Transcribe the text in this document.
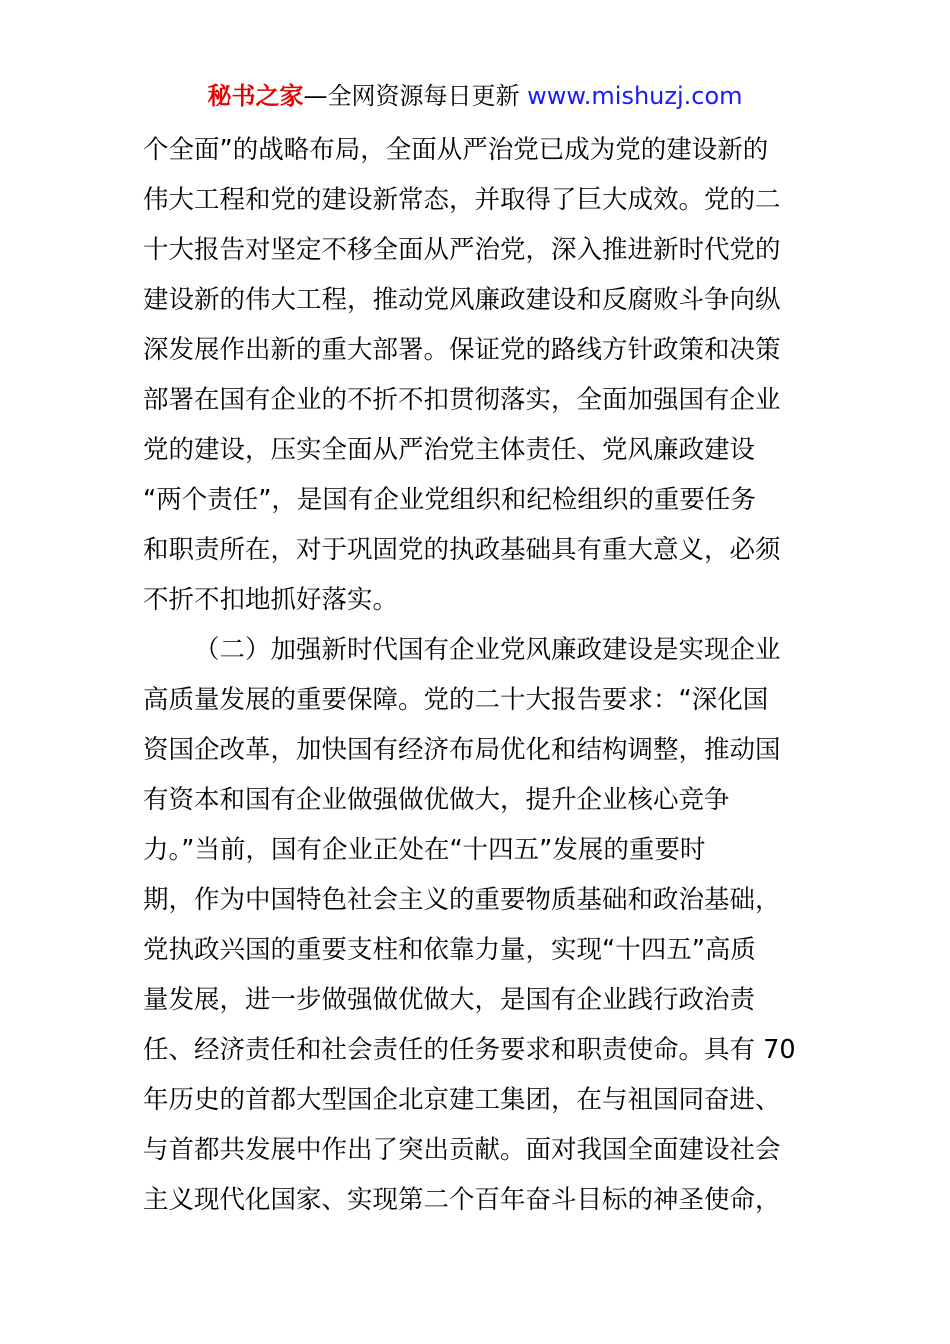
秘书之家—全网资源每日更新 www.mishuzj.com
个全面”的战略布局，全面从严治党已成为党的建设新的
伟大工程和党的建设新常态，并取得了巨大成效。党的二
十大报告对坚定不移全面从严治党，深入推进新时代党的
建设新的伟大工程，推动党风廉政建设和反腐败斗争向纵
深发展作出新的重大部署。保证党的路线方针政策和决策
部署在国有企业的不折不扣贯彻落实，全面加强国有企业
党的建设，压实全面从严治党主体责任、党风廉政建设
“两个责任”，是国有企业党组织和纪检组织的重要任务
和职责所在，对于巩固党的执政基础具有重大意义，必须
不折不扣地抓好落实。
（二）加强新时代国有企业党风廉政建设是实现企业
高质量发展的重要保障。党的二十大报告要求：“深化国
资国企改革，加快国有经济布局优化和结构调整，推动国
有资本和国有企业做强做优做大，提升企业核心竞争
力。”当前，国有企业正处在“十四五”发展的重要时
期，作为中国特色社会主义的重要物质基础和政治基础，
党执政兴国的重要支柱和依靠力量，实现“十四五”高质
量发展，进一步做强做优做大，是国有企业践行政治责
任、经济责任和社会责任的任务要求和职责使命。具有 70
年历史的首都大型国企北京建工集团，在与祖国同奋进、
与首都共发展中作出了突出贡献。面对我国全面建设社会
主义现代化国家、实现第二个百年奋斗目标的神圣使命，
